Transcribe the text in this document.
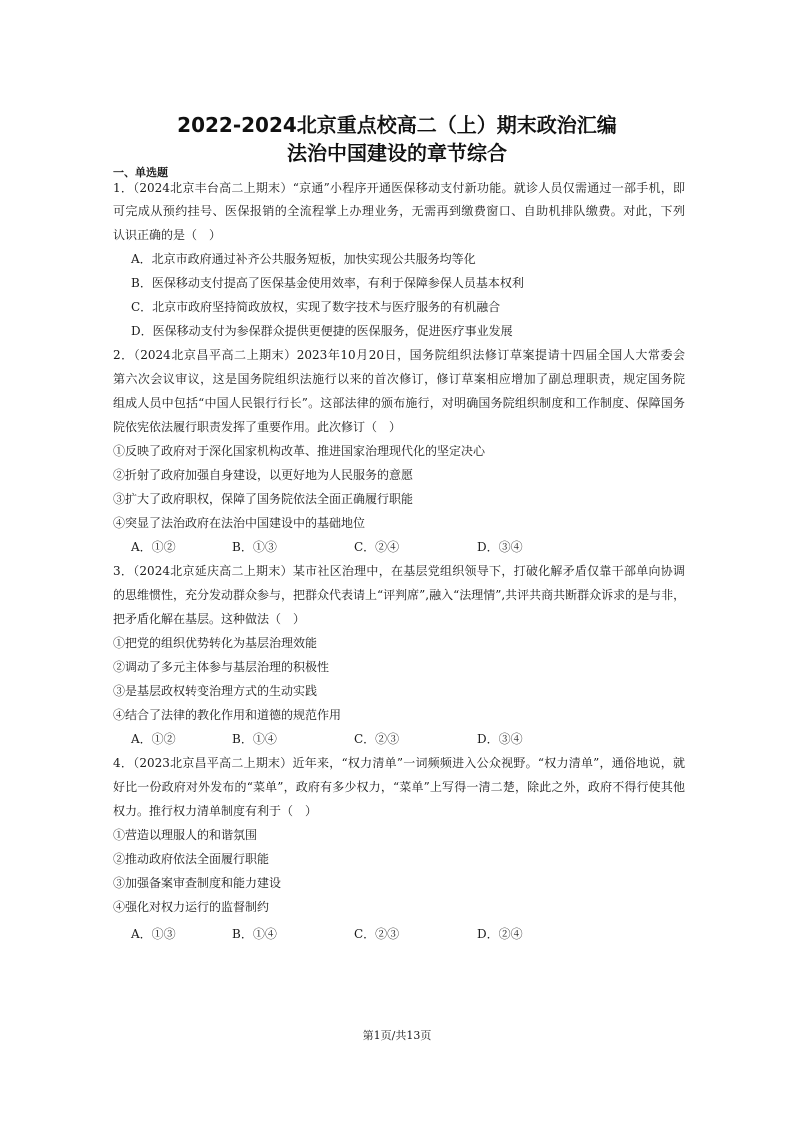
2022-2024北京重点校高二（上）期末政治汇编
法治中国建设的章节综合
一、单选题
1．（2024北京丰台高二上期末）“京通”小程序开通医保移动支付新功能。就诊人员仅需通过一部手机，即
可完成从预约挂号、医保报销的全流程掌上办理业务，无需再到缴费窗口、自助机排队缴费。对此，下列
认识正确的是（　）
A．北京市政府通过补齐公共服务短板，加快实现公共服务均等化
B．医保移动支付提高了医保基金使用效率，有利于保障参保人员基本权利
C．北京市政府坚持简政放权，实现了数字技术与医疗服务的有机融合
D．医保移动支付为参保群众提供更便捷的医保服务，促进医疗事业发展
2．（2024北京昌平高二上期末）2023年10月20日，国务院组织法修订草案提请十四届全国人大常委会
第六次会议审议，这是国务院组织法施行以来的首次修订，修订草案相应增加了副总理职责，规定国务院
组成人员中包括“中国人民银行行长”。这部法律的颁布施行，对明确国务院组织制度和工作制度、保障国务
院依宪依法履行职责发挥了重要作用。此次修订（　）
①反映了政府对于深化国家机构改革、推进国家治理现代化的坚定决心
②折射了政府加强自身建设，以更好地为人民服务的意愿
③扩大了政府职权，保障了国务院依法全面正确履行职能
④突显了法治政府在法治中国建设中的基础地位
A．①②	B．①③	C．②④	D．③④
3．（2024北京延庆高二上期末）某市社区治理中，在基层党组织领导下，打破化解矛盾仅靠干部单向协调
的思维惯性，充分发动群众参与，把群众代表请上“评判席”,融入“法理情”,共评共商共断群众诉求的是与非，
把矛盾化解在基层。这种做法（　）
①把党的组织优势转化为基层治理效能
②调动了多元主体参与基层治理的积极性
③是基层政权转变治理方式的生动实践
④结合了法律的教化作用和道德的规范作用
A．①②	B．①④	C．②③	D．③④
4．（2023北京昌平高二上期末）近年来，“权力清单”一词频频进入公众视野。“权力清单”，通俗地说，就
好比一份政府对外发布的“菜单”，政府有多少权力，“菜单”上写得一清二楚，除此之外，政府不得行使其他
权力。推行权力清单制度有利于（　）
①营造以理服人的和谐氛围
②推动政府依法全面履行职能
③加强备案审查制度和能力建设
④强化对权力运行的监督制约
A．①③	B．①④	C．②③	D．②④
第1页/共13页
